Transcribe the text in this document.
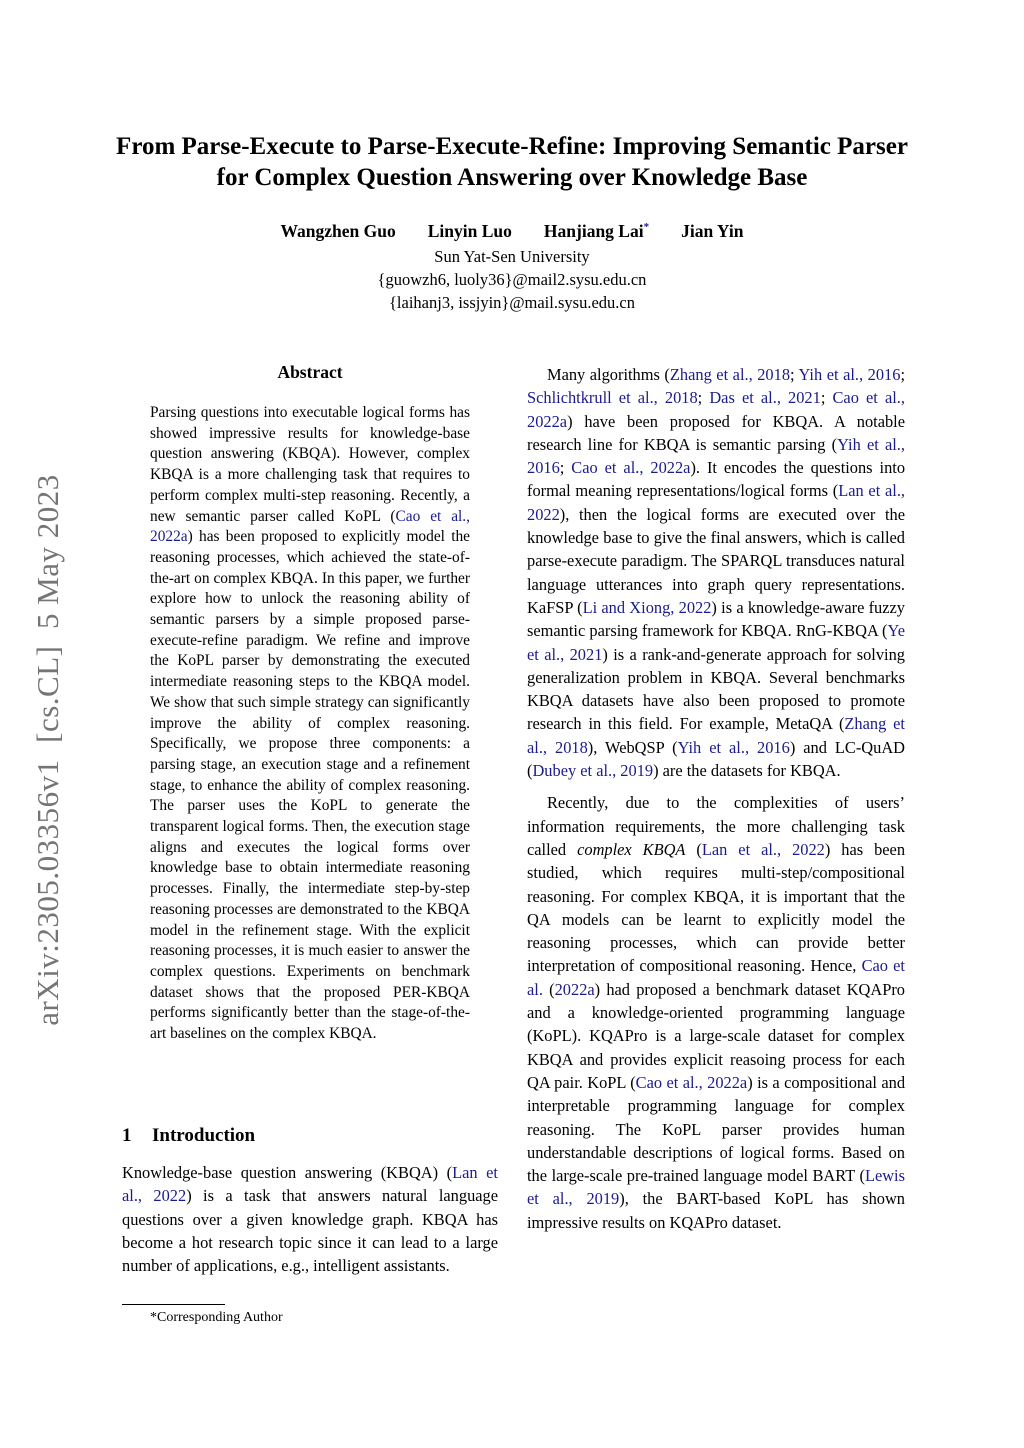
arXiv:2305.03356v1  [cs.CL]  5 May 2023
From Parse-Execute to Parse-Execute-Refine: Improving Semantic Parser
for Complex Question Answering over Knowledge Base
Wangzhen Guo Linyin Luo Hanjiang Lai* Jian Yin
Sun Yat-Sen University
{guowzh6, luoly36}@mail2.sysu.edu.cn
{laihanj3, issjyin}@mail.sysu.edu.cn
Abstract
Parsing questions into executable logical forms has showed impressive results for knowledge-base question answering (KBQA). However, complex KBQA is a more challenging task that requires to perform complex multi-step reasoning. Recently, a new semantic parser called KoPL (Cao et al., 2022a) has been proposed to explicitly model the reasoning processes, which achieved the state-of-the-art on complex KBQA. In this paper, we further explore how to unlock the reasoning ability of semantic parsers by a simple proposed parse-execute-refine paradigm. We refine and improve the KoPL parser by demonstrating the executed intermediate reasoning steps to the KBQA model. We show that such simple strategy can significantly improve the ability of complex reasoning. Specifically, we propose three components: a parsing stage, an execution stage and a refinement stage, to enhance the ability of complex reasoning. The parser uses the KoPL to generate the transparent logical forms. Then, the execution stage aligns and executes the logical forms over knowledge base to obtain intermediate reasoning processes. Finally, the intermediate step-by-step reasoning processes are demonstrated to the KBQA model in the refinement stage. With the explicit reasoning processes, it is much easier to answer the complex questions. Experiments on benchmark dataset shows that the proposed PER-KBQA performs significantly better than the stage-of-the-art baselines on the complex KBQA.
1 Introduction
Knowledge-base question answering (KBQA) (Lan et al., 2022) is a task that answers natural language questions over a given knowledge graph. KBQA has become a hot research topic since it can lead to a large number of applications, e.g., intelligent assistants.
*Corresponding Author

Many algorithms (Zhang et al., 2018; Yih et al., 2016; Schlichtkrull et al., 2018; Das et al., 2021; Cao et al., 2022a) have been proposed for KBQA. A notable research line for KBQA is semantic parsing (Yih et al., 2016; Cao et al., 2022a). It encodes the questions into formal meaning representations/logical forms (Lan et al., 2022), then the logical forms are executed over the knowledge base to give the final answers, which is called parse-execute paradigm. The SPARQL transduces natural language utterances into graph query representations. KaFSP (Li and Xiong, 2022) is a knowledge-aware fuzzy semantic parsing framework for KBQA. RnG-KBQA (Ye et al., 2021) is a rank-and-generate approach for solving generalization problem in KBQA. Several benchmarks KBQA datasets have also been proposed to promote research in this field. For example, MetaQA (Zhang et al., 2018), WebQSP (Yih et al., 2016) and LC-QuAD (Dubey et al., 2019) are the datasets for KBQA.

Recently, due to the complexities of users’ information requirements, the more challenging task called complex KBQA (Lan et al., 2022) has been studied, which requires multi-step/compositional reasoning. For complex KBQA, it is important that the QA models can be learnt to explicitly model the reasoning processes, which can provide better interpretation of compositional reasoning. Hence, Cao et al. (2022a) had proposed a benchmark dataset KQAPro and a knowledge-oriented programming language (KoPL). KQAPro is a large-scale dataset for complex KBQA and provides explicit reasoing process for each QA pair. KoPL (Cao et al., 2022a) is a compositional and interpretable programming language for complex reasoning. The KoPL parser provides human understandable descriptions of logical forms. Based on the large-scale pre-trained language model BART (Lewis et al., 2019), the BART-based KoPL has shown impressive results on KQAPro dataset.
